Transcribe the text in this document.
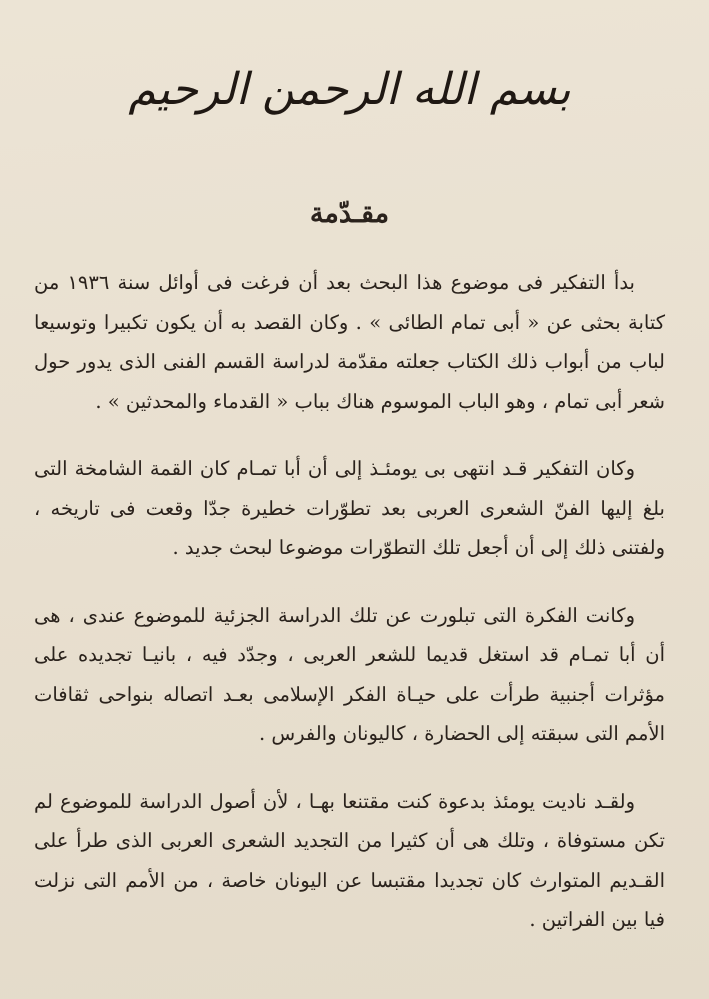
بسم الله الرحمن الرحيم
مقـدّمة

بدأ التفكير فى موضوع هذا البحث بعد أن فرغت فى أوائل سنة ١٩٣٦ من كتابة بحثى عن « أبى تمام الطائى » . وكان القصد به أن يكون تكبيرا وتوسيعا لباب من أبواب ذلك الكتاب جعلته مقدّمة لدراسة القسم الفنى الذى يدور حول شعر أبى تمام ، وهو الباب الموسوم هناك بباب « القدماء والمحدثين » .

وكان التفكير قـد انتهى بى يومئـذ إلى أن أبا تمـام كان القمة الشامخة التى بلغ إليها الفنّ الشعرى العربى بعد تطوّرات خطيرة جدّا وقعت فى تاريخه ، ولفتنى ذلك إلى أن أجعل تلك التطوّرات موضوعا لبحث جديد .

وكانت الفكرة التى تبلورت عن تلك الدراسة الجزئية للموضوع عندى ، هى أن أبا تمـام قد استغل قديما للشعر العربى ، وجدّد فيه ، بانيـا تجديده على مؤثرات أجنبية طرأت على حيـاة الفكر الإسلامى بعـد اتصاله بنواحى ثقافات الأمم التى سبقته إلى الحضارة ، كاليونان والفرس .

ولقـد ناديت يومئذ بدعوة كنت مقتنعا بهـا ، لأن أصول الدراسة للموضوع لم تكن مستوفاة ، وتلك هى أن كثيرا من التجديد الشعرى العربى الذى طرأ على القـديم المتوارث كان تجديدا مقتبسا عن اليونان خاصة ، من الأمم التى نزلت فيا بين الفراتين .
